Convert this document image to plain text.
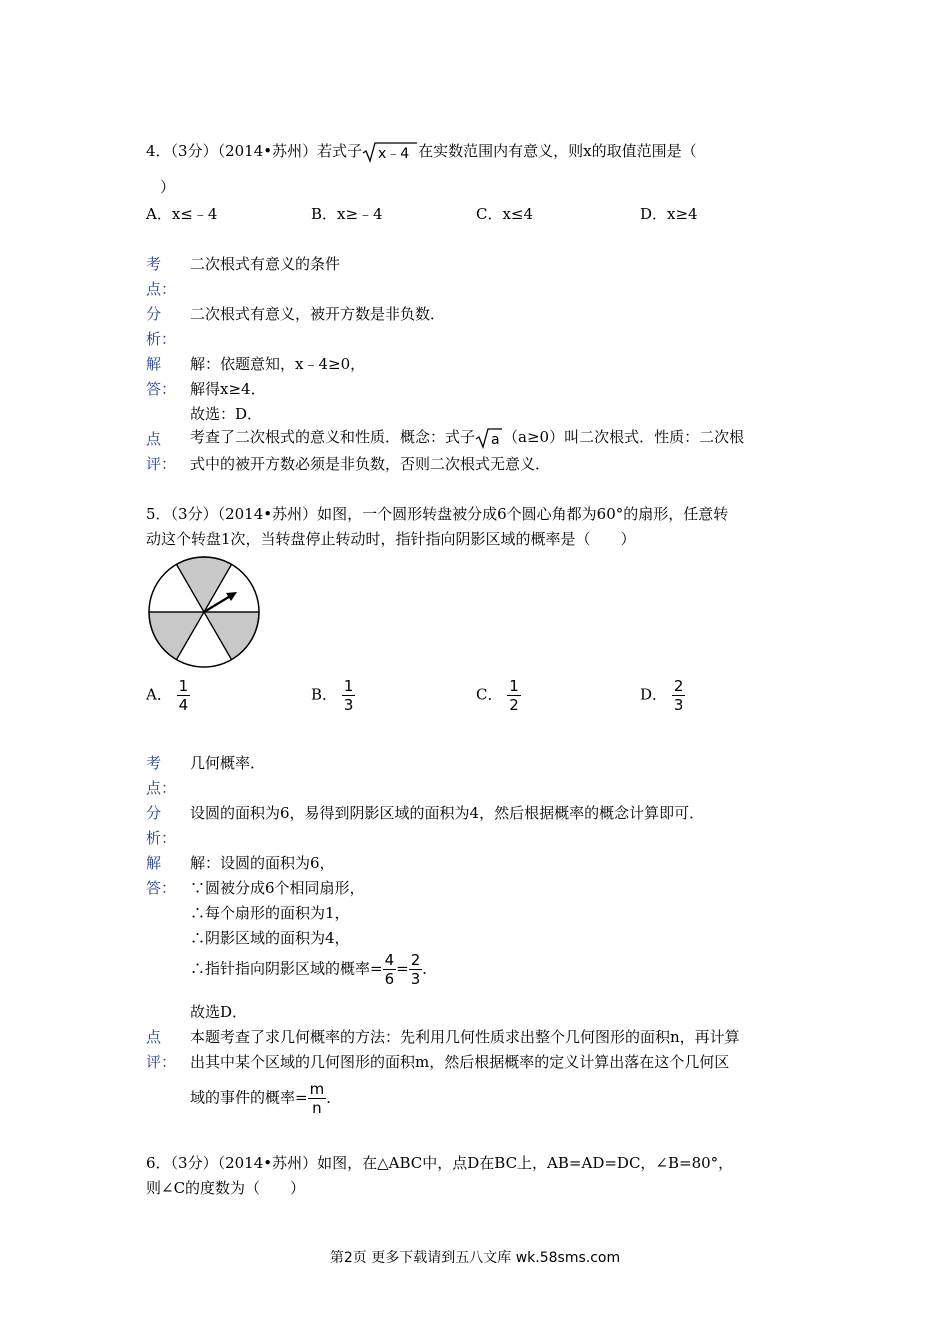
4．（3分）（2014•苏州）若式子 x﹣4 在实数范围内有意义，则x的取值范围是（
）
A．x≤﹣4	B．x≥﹣4	C．x≤4	D．x≥4
考
点：
二次根式有意义的条件
分
析：
二次根式有意义，被开方数是非负数．
解
答：
解：依题意知，x﹣4≥0，
解得x≥4．
故选：D．
点
评：
考查了二次根式的意义和性质．概念：式子 a （a≥0）叫二次根式．性质：二次根
式中的被开方数必须是非负数，否则二次根式无意义．
5．（3分）（2014•苏州）如图，一个圆形转盘被分成6个圆心角都为60°的扇形，任意转
动这个转盘1次，当转盘停止转动时，指针指向阴影区域的概率是（　　）
A． $\frac{1}{4}$	B． $\frac{1}{3}$	C． $\frac{1}{2}$	D． $\frac{2}{3}$
考
点：
几何概率．
分
析：
设圆的面积为6，易得到阴影区域的面积为4，然后根据概率的概念计算即可．
解
答：
解：设圆的面积为6，
∵圆被分成6个相同扇形，
∴每个扇形的面积为1，
∴阴影区域的面积为4，
∴指针指向阴影区域的概率= $\frac{4}{6} = \frac{2}{3}$ ．
故选D．
点
评：
本题考查了求几何概率的方法：先利用几何性质求出整个几何图形的面积n，再计算
出其中某个区域的几何图形的面积m，然后根据概率的定义计算出落在这个几何区
域的事件的概率= $\frac{m}{n}$ ．
6．（3分）（2014•苏州）如图，在△ABC中，点D在BC上，AB=AD=DC，∠B=80°，
则∠C的度数为（　　）
第2页 更多下载请到五八文库 wk.58sms.com
